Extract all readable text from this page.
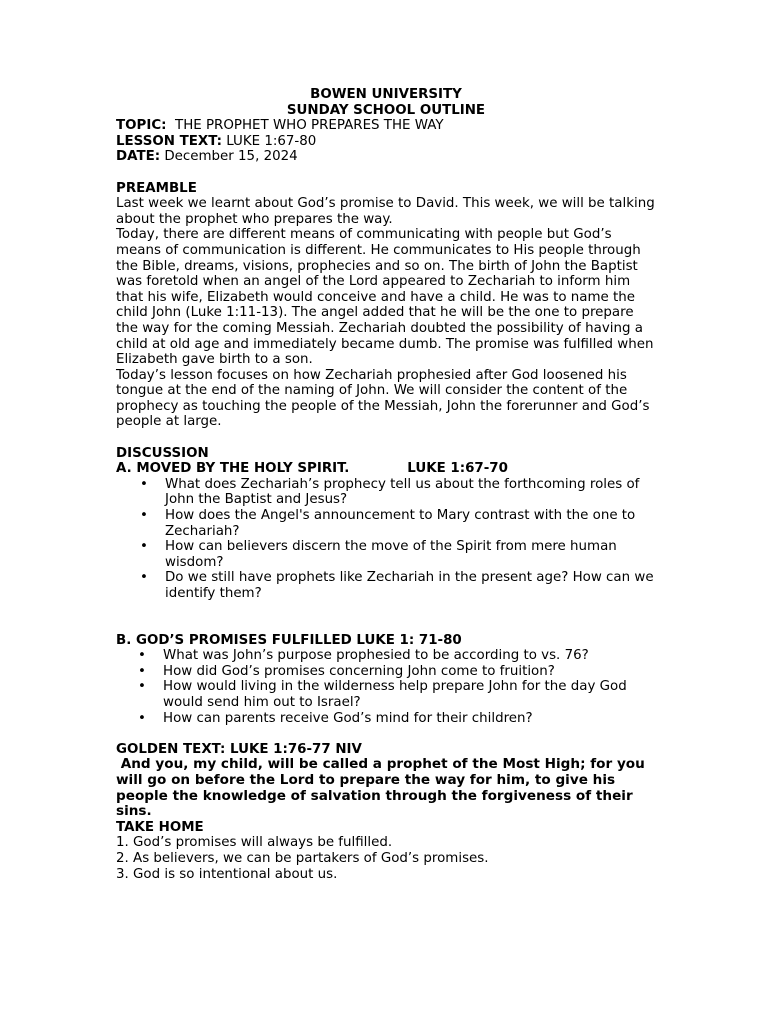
BOWEN UNIVERSITY
SUNDAY SCHOOL OUTLINE
TOPIC: THE PROPHET WHO PREPARES THE WAY
LESSON TEXT: LUKE 1:67-80
DATE: December 15, 2024
PREAMBLE
Last week we learnt about God’s promise to David. This week, we will be talking about the prophet who prepares the way.
Today, there are different means of communicating with people but God’s means of communication is different. He communicates to His people through the Bible, dreams, visions, prophecies and so on. The birth of John the Baptist was foretold when an angel of the Lord appeared to Zechariah to inform him that his wife, Elizabeth would conceive and have a child. He was to name the child John (Luke 1:11-13). The angel added that he will be the one to prepare the way for the coming Messiah. Zechariah doubted the possibility of having a child at old age and immediately became dumb. The promise was fulfilled when Elizabeth gave birth to a son.
Today’s lesson focuses on how Zechariah prophesied after God loosened his tongue at the end of the naming of John. We will consider the content of the prophecy as touching the people of the Messiah, John the forerunner and God’s people at large.
DISCUSSION
A. MOVED BY THE HOLY SPIRIT.	LUKE 1:67-70
• What does Zechariah’s prophecy tell us about the forthcoming roles of John the Baptist and Jesus?
• How does the Angel's announcement to Mary contrast with the one to Zechariah?
• How can believers discern the move of the Spirit from mere human wisdom?
• Do we still have prophets like Zechariah in the present age? How can we identify them?
B. GOD’S PROMISES FULFILLED LUKE 1: 71-80
• What was John’s purpose prophesied to be according to vs. 76?
• How did God’s promises concerning John come to fruition?
• How would living in the wilderness help prepare John for the day God would send him out to Israel?
• How can parents receive God’s mind for their children?
GOLDEN TEXT: LUKE 1:76-77 NIV
And you, my child, will be called a prophet of the Most High; for you will go on before the Lord to prepare the way for him, to give his people the knowledge of salvation through the forgiveness of their sins.
TAKE HOME
1. God’s promises will always be fulfilled.
2. As believers, we can be partakers of God’s promises.
3. God is so intentional about us.
